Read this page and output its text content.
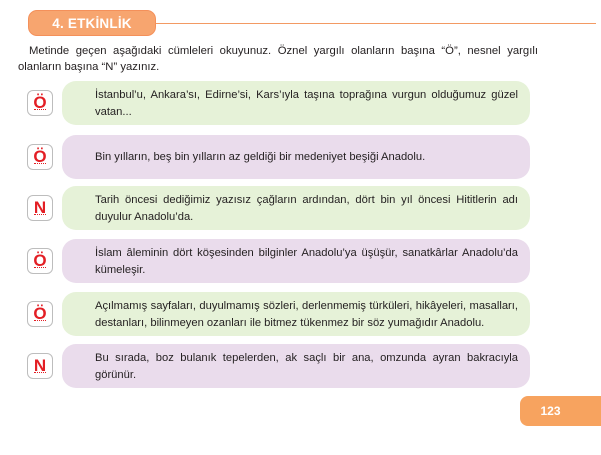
4. ETKİNLİK
Metinde geçen aşağıdaki cümleleri okuyunuz. Öznel yargılı olanların başına “Ö”, nesnel yargılı olanların başına “N” yazınız.
Ö	İstanbul’u, Ankara’sı, Edirne’si, Kars’ıyla taşına toprağına vurgun olduğumuz güzel vatan...
Ö	Bin yılların, beş bin yılların az geldiği bir medeniyet beşiği Anadolu.
N	Tarih öncesi dediğimiz yazısız çağların ardından, dört bin yıl öncesi Hititlerin adı duyulur Anadolu’da.
Ö	İslam âleminin dört köşesinden bilginler Anadolu’ya üşüşür, sanatkârlar Anadolu’da kümeleşir.
Ö	Açılmamış sayfaları, duyulmamış sözleri, derlenmemiş türküleri, hikâyeleri, masalları, destanları, bilinmeyen ozanları ile bitmez tükenmez bir söz yumağıdır Anadolu.
N	Bu sırada, boz bulanık tepelerden, ak saçlı bir ana, omzunda ayran bakracıyla görünür.
123
